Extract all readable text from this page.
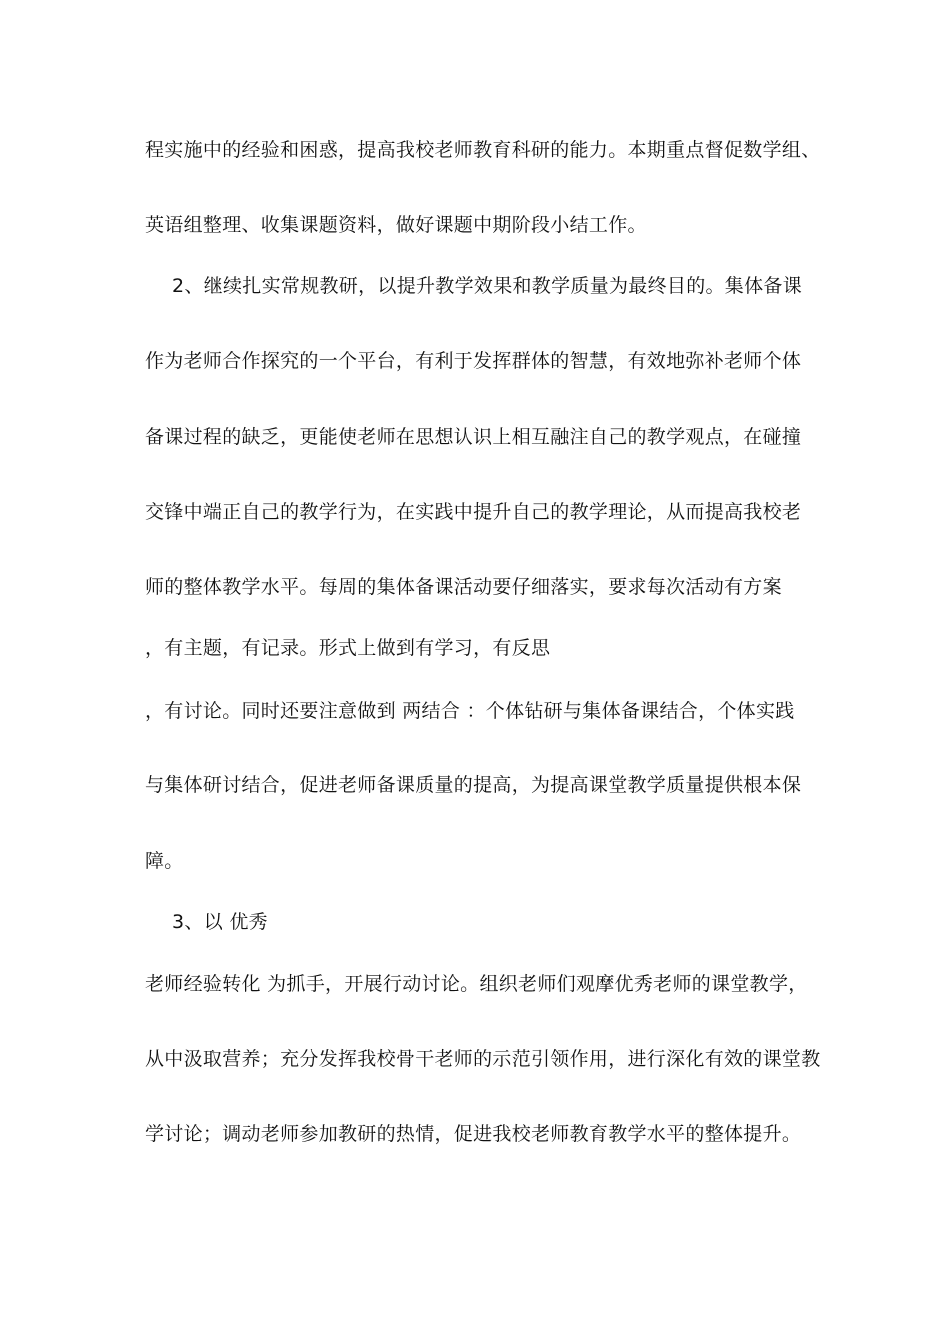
程实施中的经验和困惑，提高我校老师教育科研的能力。本期重点督促数学组、
英语组整理、收集课题资料，做好课题中期阶段小结工作。
2、继续扎实常规教研，以提升教学效果和教学质量为最终目的。集体备课
作为老师合作探究的一个平台，有利于发挥群体的智慧，有效地弥补老师个体
备课过程的缺乏，更能使老师在思想认识上相互融注自己的教学观点，在碰撞
交锋中端正自己的教学行为，在实践中提升自己的教学理论，从而提高我校老
师的整体教学水平。每周的集体备课活动要仔细落实，要求每次活动有方案
，有主题，有记录。形式上做到有学习，有反思
，有讨论。同时还要注意做到 两结合 ：个体钻研与集体备课结合，个体实践
与集体研讨结合，促进老师备课质量的提高，为提高课堂教学质量提供根本保
障。
3、以 优秀
老师经验转化 为抓手，开展行动讨论。组织老师们观摩优秀老师的课堂教学，
从中汲取营养；充分发挥我校骨干老师的示范引领作用，进行深化有效的课堂教
学讨论；调动老师参加教研的热情，促进我校老师教育教学水平的整体提升。
